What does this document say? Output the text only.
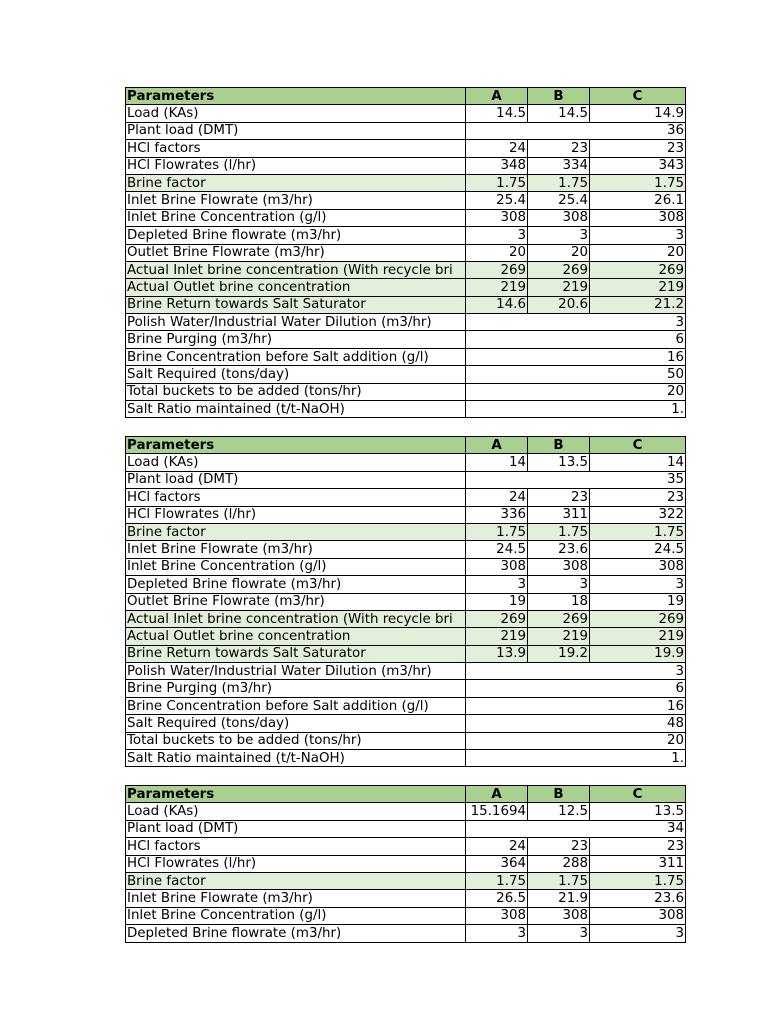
Parameters	A	B	C
Load (KAs)	14.5	14.5	14.9
Plant load (DMT)	36		
HCl factors	24	23	23
HCl Flowrates (l/hr)	348	334	343
Brine factor	1.75	1.75	1.75
Inlet Brine Flowrate (m3/hr)	25.4	25.4	26.1
Inlet Brine Concentration (g/l)	308	308	308
Depleted Brine flowrate (m3/hr)	3	3	3
Outlet Brine Flowrate (m3/hr)	20	20	20
Actual Inlet brine concentration (With recycle bri	269	269	269
Actual Outlet brine concentration	219	219	219
Brine Return towards Salt Saturator	14.6	20.6	21.2
Polish Water/Industrial Water Dilution (m3/hr)	3		
Brine Purging (m3/hr)	6		
Brine Concentration before Salt addition (g/l)	16		
Salt Required (tons/day)	50		
Total buckets to be added (tons/hr)	20		
Salt Ratio maintained (t/t-NaOH)	1.		
Parameters	A	B	C
Load (KAs)	14	13.5	14
Plant load (DMT)	35		
HCl factors	24	23	23
HCl Flowrates (l/hr)	336	311	322
Brine factor	1.75	1.75	1.75
Inlet Brine Flowrate (m3/hr)	24.5	23.6	24.5
Inlet Brine Concentration (g/l)	308	308	308
Depleted Brine flowrate (m3/hr)	3	3	3
Outlet Brine Flowrate (m3/hr)	19	18	19
Actual Inlet brine concentration (With recycle bri	269	269	269
Actual Outlet brine concentration	219	219	219
Brine Return towards Salt Saturator	13.9	19.2	19.9
Polish Water/Industrial Water Dilution (m3/hr)	3		
Brine Purging (m3/hr)	6		
Brine Concentration before Salt addition (g/l)	16		
Salt Required (tons/day)	48		
Total buckets to be added (tons/hr)	20		
Salt Ratio maintained (t/t-NaOH)	1.		
Parameters	A	B	C
Load (KAs)	15.1694	12.5	13.5
Plant load (DMT)	34		
HCl factors	24	23	23
HCl Flowrates (l/hr)	364	288	311
Brine factor	1.75	1.75	1.75
Inlet Brine Flowrate (m3/hr)	26.5	21.9	23.6
Inlet Brine Concentration (g/l)	308	308	308
Depleted Brine flowrate (m3/hr)	3	3	3
